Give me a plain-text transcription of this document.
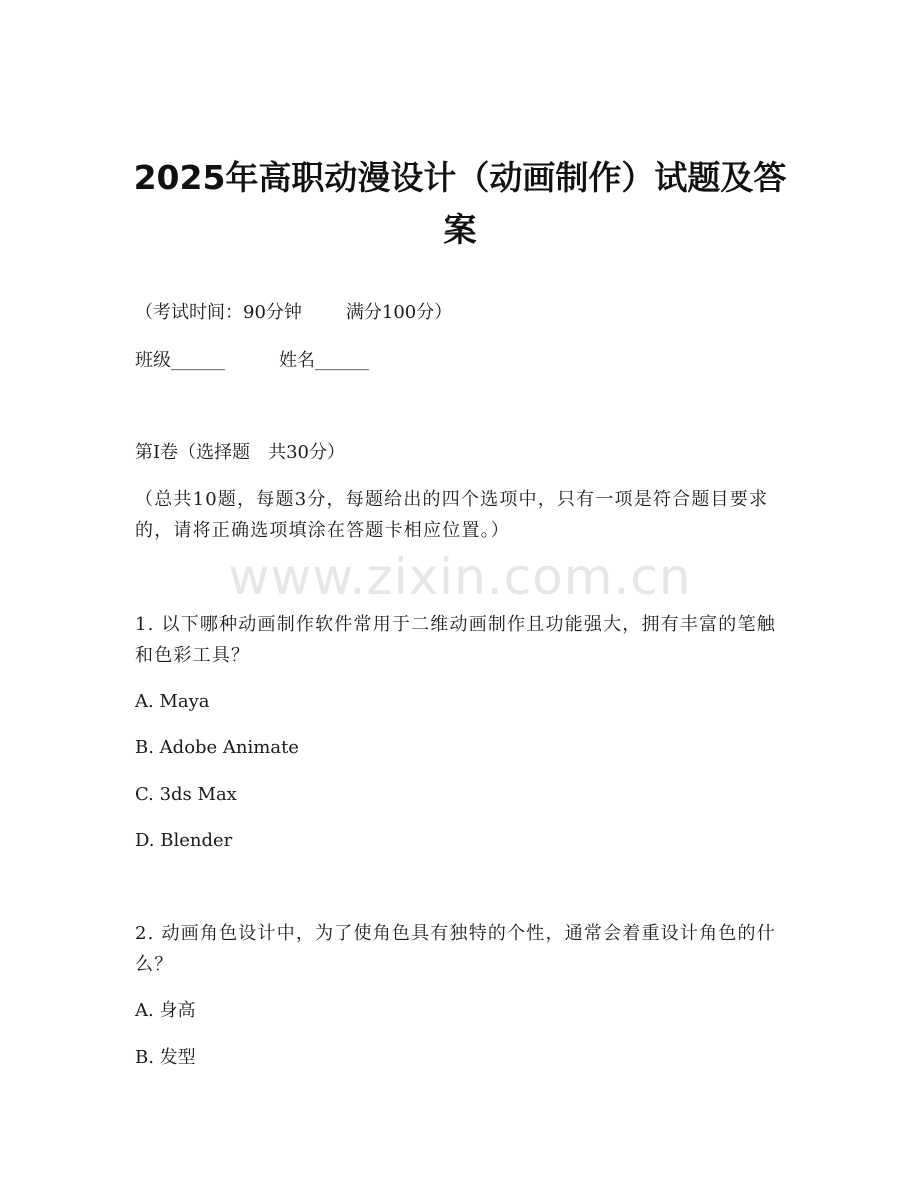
2025年高职动漫设计（动画制作）试题及答案
（考试时间：90分钟 满分100分）
班级______	姓名______
第I卷（选择题　共30分）
（总共10题，每题3分，每题给出的四个选项中，只有一项是符合题目要求的，请将正确选项填涂在答题卡相应位置。）
www.zixin.com.cn
1. 以下哪种动画制作软件常用于二维动画制作且功能强大，拥有丰富的笔触和色彩工具？
A. Maya
B. Adobe Animate
C. 3ds Max
D. Blender
2. 动画角色设计中，为了使角色具有独特的个性，通常会着重设计角色的什么？
A. 身高
B. 发型
